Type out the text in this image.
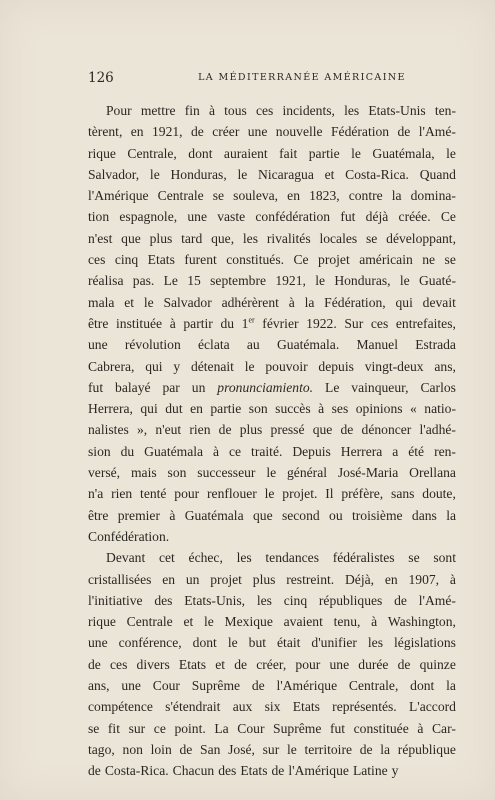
126	LA MÉDITERRANÉE AMÉRICAINE
Pour mettre fin à tous ces incidents, les Etats-Unis ten-
tèrent, en 1921, de créer une nouvelle Fédération de l'Amé-
rique Centrale, dont auraient fait partie le Guatémala, le
Salvador, le Honduras, le Nicaragua et Costa-Rica. Quand
l'Amérique Centrale se souleva, en 1823, contre la domina-
tion espagnole, une vaste confédération fut déjà créée. Ce
n'est que plus tard que, les rivalités locales se développant,
ces cinq Etats furent constitués. Ce projet américain ne se
réalisa pas. Le 15 septembre 1921, le Honduras, le Guaté-
mala et le Salvador adhérèrent à la Fédération, qui devait
être instituée à partir du 1er février 1922. Sur ces entrefaites,
une révolution éclata au Guatémala. Manuel Estrada
Cabrera, qui y détenait le pouvoir depuis vingt-deux ans,
fut balayé par un pronunciamiento. Le vainqueur, Carlos
Herrera, qui dut en partie son succès à ses opinions « natio-
nalistes », n'eut rien de plus pressé que de dénoncer l'adhé-
sion du Guatémala à ce traité. Depuis Herrera a été ren-
versé, mais son successeur le général José-Maria Orellana
n'a rien tenté pour renflouer le projet. Il préfère, sans doute,
être premier à Guatémala que second ou troisième dans la
Confédération.
Devant cet échec, les tendances fédéralistes se sont
cristallisées en un projet plus restreint. Déjà, en 1907, à
l'initiative des Etats-Unis, les cinq républiques de l'Amé-
rique Centrale et le Mexique avaient tenu, à Washington,
une conférence, dont le but était d'unifier les législations
de ces divers Etats et de créer, pour une durée de quinze
ans, une Cour Suprême de l'Amérique Centrale, dont la
compétence s'étendrait aux six Etats représentés. L'accord
se fit sur ce point. La Cour Suprême fut constituée à Car-
tago, non loin de San José, sur le territoire de la république
de Costa-Rica. Chacun des Etats de l'Amérique Latine y
